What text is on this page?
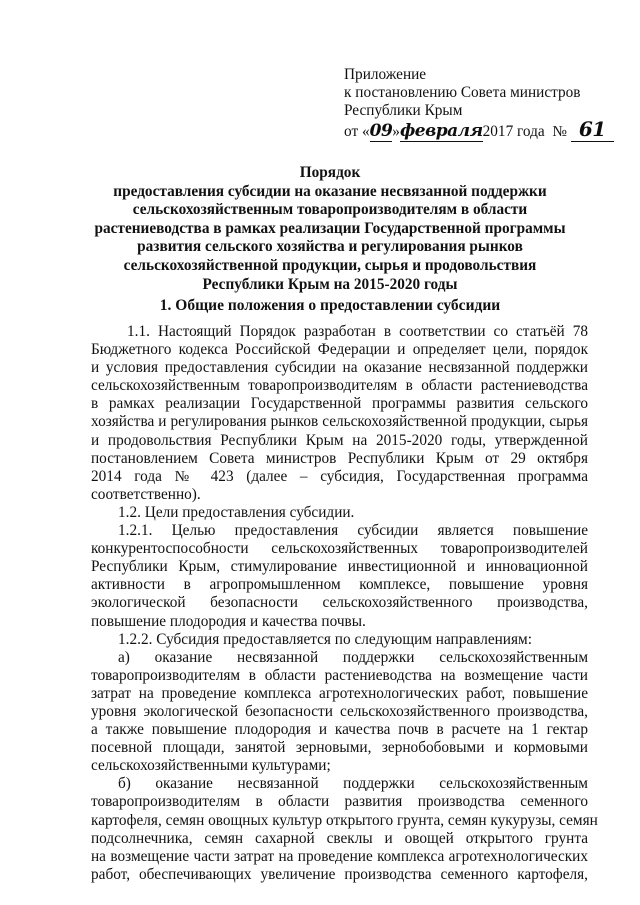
Приложение
к постановлению Совета министров
Республики Крым
от «09»февраля2017 года № 61
Порядок
предоставления субсидии на оказание несвязанной поддержки
сельскохозяйственным товаропроизводителям в области
растениеводства в рамках реализации Государственной программы
развития сельского хозяйства и регулирования рынков
сельскохозяйственной продукции, сырья и продовольствия
Республики Крым на 2015-2020 годы
1. Общие положения о предоставлении субсидии
1.1. Настоящий Порядок разработан в соответствии со статьёй 78
Бюджетного кодекса Российской Федерации и определяет цели, порядок
и условия предоставления субсидии на оказание несвязанной поддержки
сельскохозяйственным товаропроизводителям в области растениеводства
в рамках реализации Государственной программы развития сельского
хозяйства и регулирования рынков сельскохозяйственной продукции, сырья
и продовольствия Республики Крым на 2015-2020 годы, утвержденной
постановлением Совета министров Республики Крым от 29 октября
2014 года № 423 (далее – субсидия, Государственная программа
соответственно).
1.2. Цели предоставления субсидии.
1.2.1. Целью предоставления субсидии является повышение
конкурентоспособности сельскохозяйственных товаропроизводителей
Республики Крым, стимулирование инвестиционной и инновационной
активности в агропромышленном комплексе, повышение уровня
экологической безопасности сельскохозяйственного производства,
повышение плодородия и качества почвы.
1.2.2. Субсидия предоставляется по следующим направлениям:
а) оказание несвязанной поддержки сельскохозяйственным
товаропроизводителям в области растениеводства на возмещение части
затрат на проведение комплекса агротехнологических работ, повышение
уровня экологической безопасности сельскохозяйственного производства,
а также повышение плодородия и качества почв в расчете на 1 гектар
посевной площади, занятой зерновыми, зернобобовыми и кормовыми
сельскохозяйственными культурами;
б) оказание несвязанной поддержки сельскохозяйственным
товаропроизводителям в области развития производства семенного
картофеля, семян овощных культур открытого грунта, семян кукурузы, семян
подсолнечника, семян сахарной свеклы и овощей открытого грунта
на возмещение части затрат на проведение комплекса агротехнологических
работ, обеспечивающих увеличение производства семенного картофеля,
